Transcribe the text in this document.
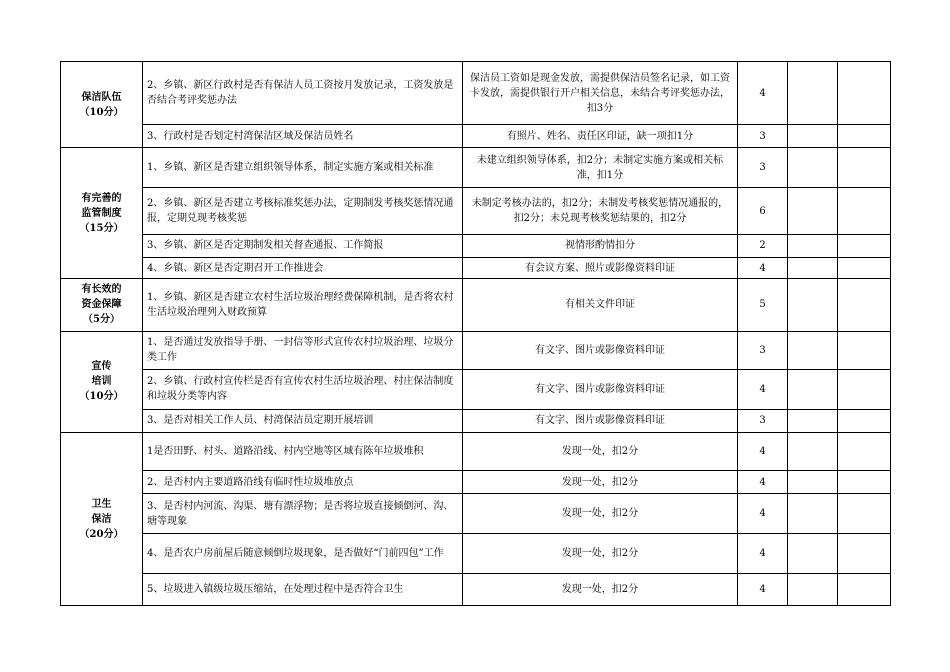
保洁队伍
（10分）	2、乡镇、新区行政村是否有保洁人员工资按月发放记录，工资发放是否结合考评奖惩办法	保洁员工资如是现金发放，需提供保洁员签名记录，如工资卡发放，需提供银行开户相关信息，未结合考评奖惩办法，扣3分	4		
	3、行政村是否划定村湾保洁区域及保洁员姓名	有照片、姓名、责任区印证，缺一项扣1分	3		

有完善的
监管制度
（15分）	1、乡镇、新区是否建立组织领导体系，制定实施方案或相关标准	未建立组织领导体系，扣2分；未制定实施方案或相关标准，扣1分	3		
	2、乡镇、新区是否建立考核标准奖惩办法，定期制发考核奖惩情况通报，定期兑现考核奖惩	未制定考核办法的，扣2分；未制发考核奖惩情况通报的，扣2分；未兑现考核奖惩结果的，扣2分	6		
	3、乡镇、新区是否定期制发相关督查通报、工作简报	视情形酌情扣分	2		
	4、乡镇、新区是否定期召开工作推进会	有会议方案、照片或影像资料印证	4		

有长效的
资金保障
（5分）	1、乡镇、新区是否建立农村生活垃圾治理经费保障机制，是否将农村生活垃圾治理列入财政预算	有相关文件印证	5		

宣传
培训
（10分）	1、是否通过发放指导手册、一封信等形式宣传农村垃圾治理、垃圾分类工作	有文字、图片或影像资料印证	3		
	2、乡镇、行政村宣传栏是否有宣传农村生活垃圾治理、村庄保洁制度和垃圾分类等内容	有文字、图片或影像资料印证	4		
	3、是否对相关工作人员、村湾保洁员定期开展培训	有文字、图片或影像资料印证	3		

卫生
保洁
（20分）	1是否田野、村头、道路沿线、村内空地等区域有陈年垃圾堆积	发现一处，扣2分	4		
	2、是否村内主要道路沿线有临时性垃圾堆放点	发现一处，扣2分	4		
	3、是否村内河流、沟渠、塘有漂浮物；是否将垃圾直接倾倒河、沟、塘等现象	发现一处，扣2分	4		
	4、是否农户房前屋后随意倾倒垃圾现象，是否做好“门前四包”工作	发现一处，扣2分	4		
	5、垃圾进入镇级垃圾压缩站，在处理过程中是否符合卫生	发现一处，扣2分	4		
